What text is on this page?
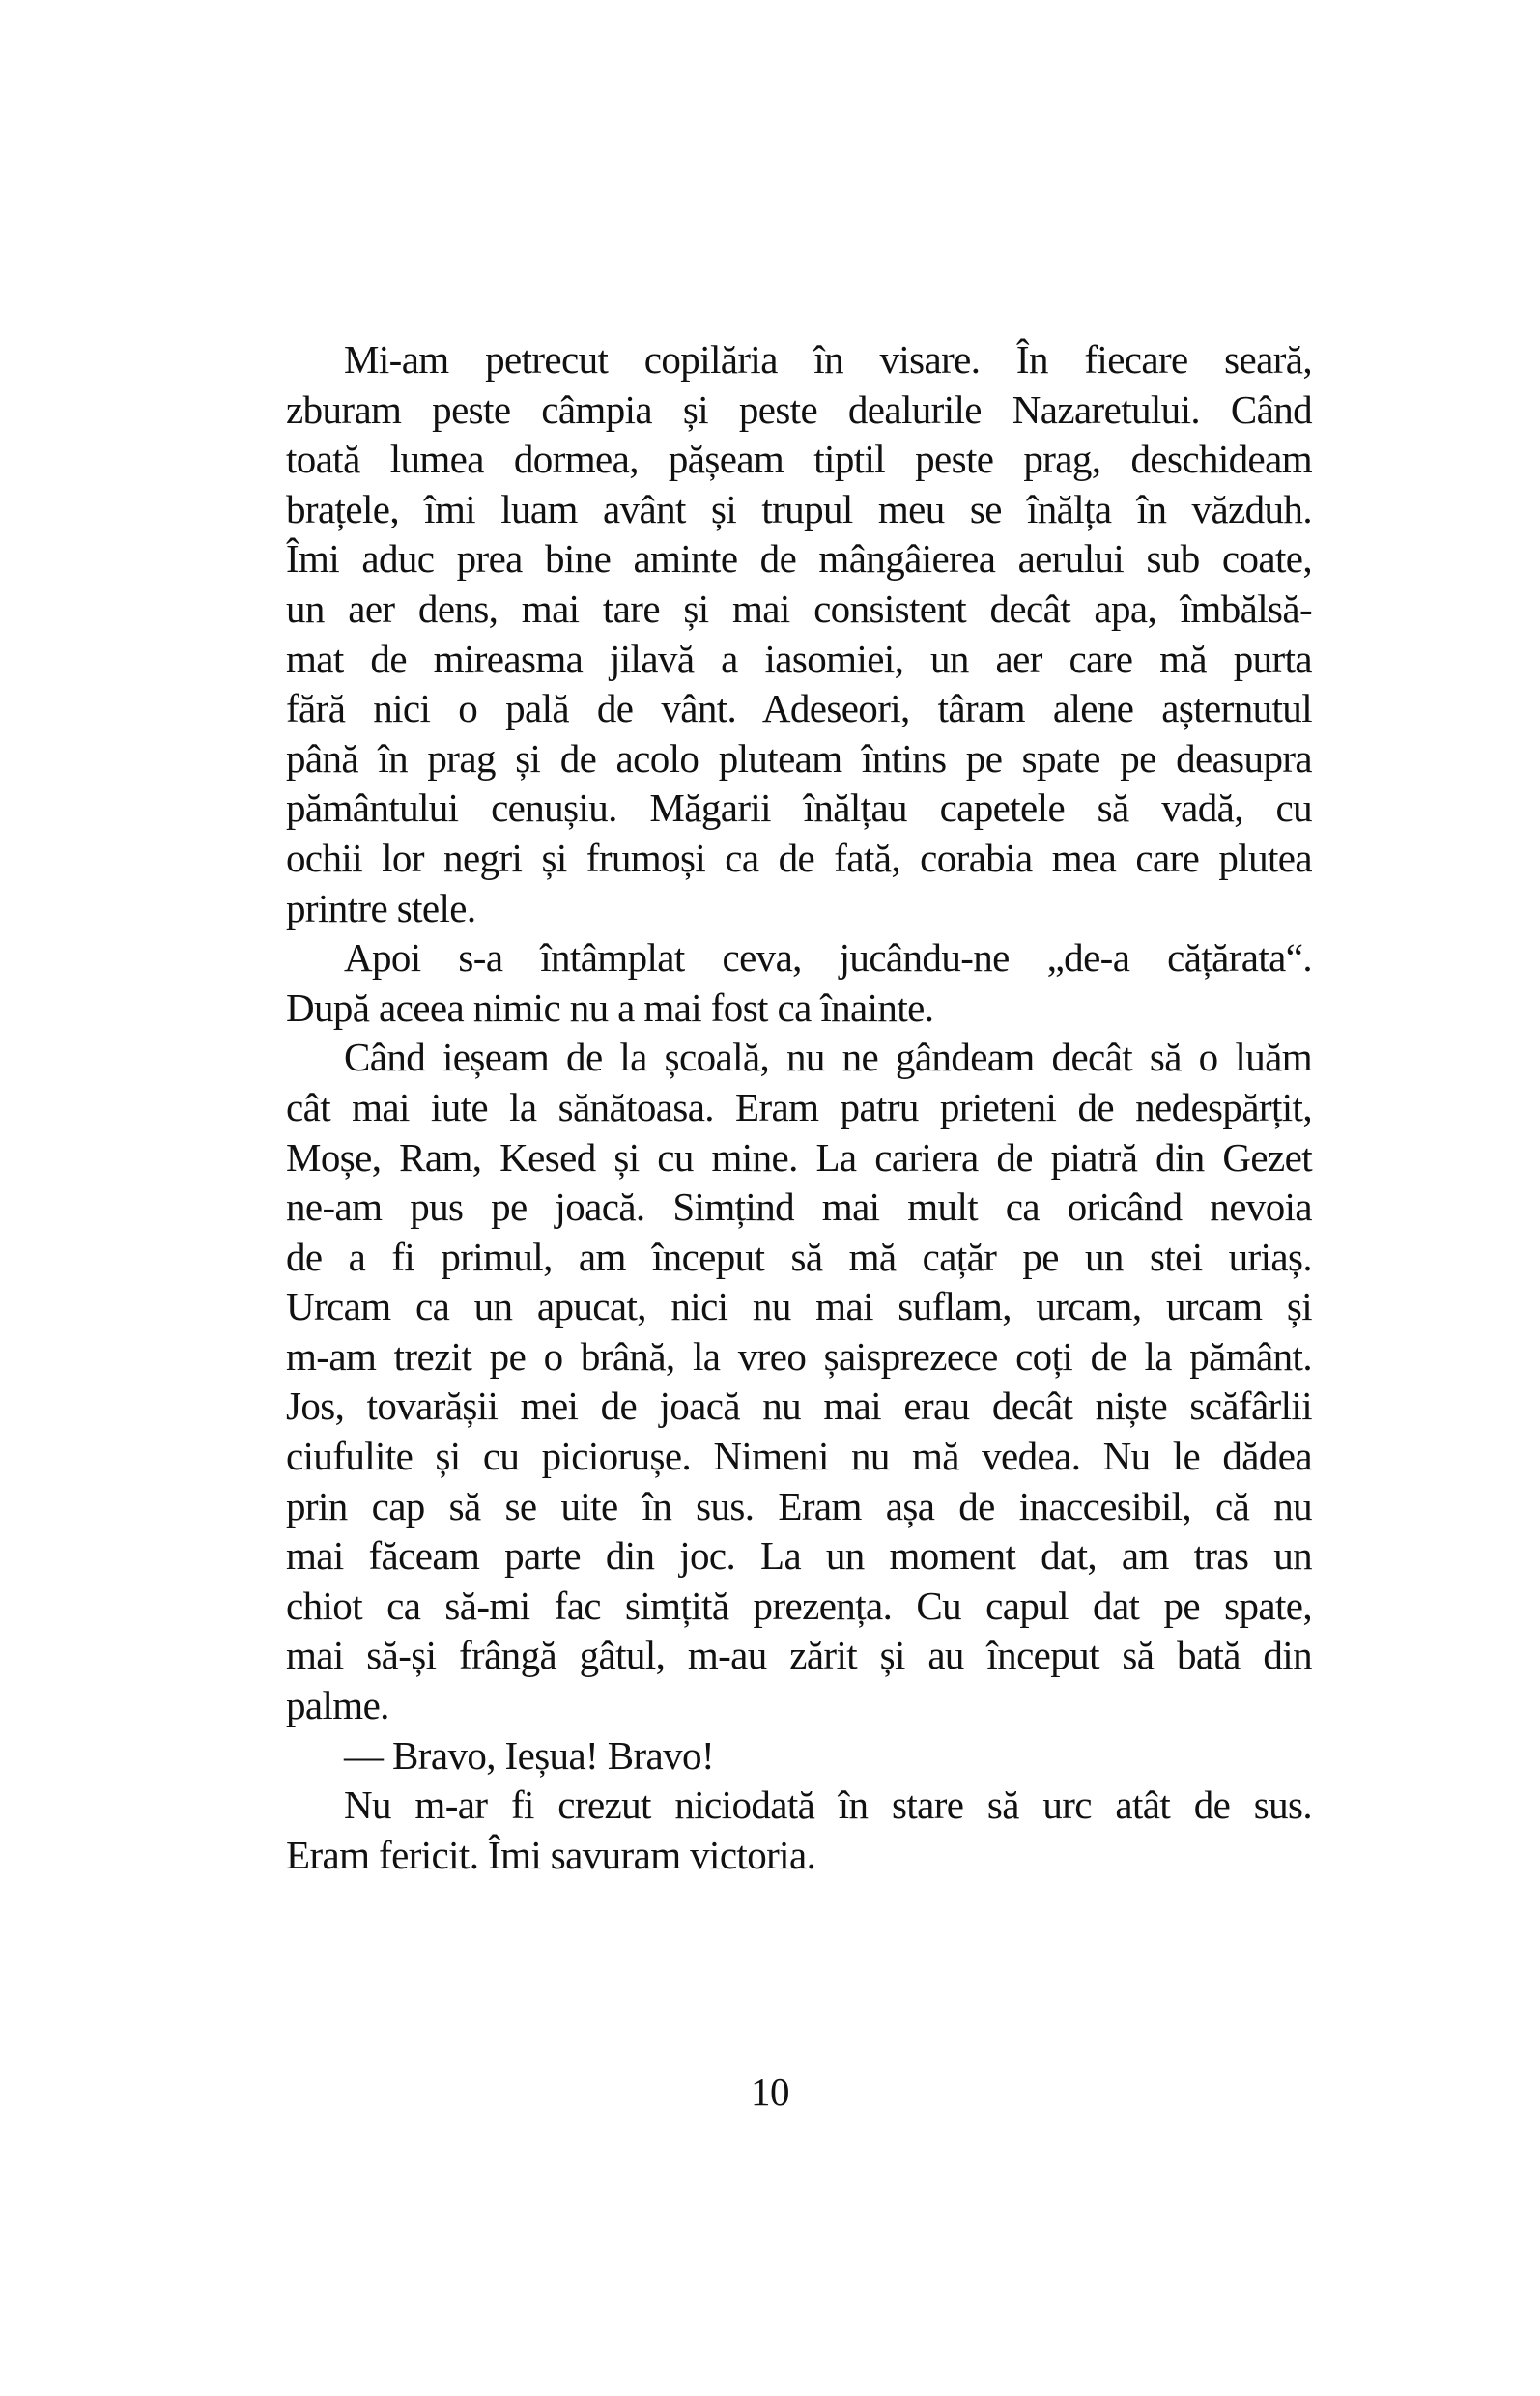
Mi-am petrecut copilăria în visare. În fiecare seară,
zburam peste câmpia și peste dealurile Nazaretului. Când
toată lumea dormea, pășeam tiptil peste prag, deschideam
brațele, îmi luam avânt și trupul meu se înălța în văzduh.
Îmi aduc prea bine aminte de mângâierea aerului sub coate,
un aer dens, mai tare și mai consistent decât apa, îmbălsă-
mat de mireasma jilavă a iasomiei, un aer care mă purta
fără nici o pală de vânt. Adeseori, târam alene așternutul
până în prag și de acolo pluteam întins pe spate pe deasupra
pământului cenușiu. Măgarii înălțau capetele să vadă, cu
ochii lor negri și frumoși ca de fată, corabia mea care plutea
printre stele.
Apoi s-a întâmplat ceva, jucându-ne „de-a cățărata“.
După aceea nimic nu a mai fost ca înainte.
Când ieșeam de la școală, nu ne gândeam decât să o luăm
cât mai iute la sănătoasa. Eram patru prieteni de nedespărțit,
Moșe, Ram, Kesed și cu mine. La cariera de piatră din Gezet
ne-am pus pe joacă. Simțind mai mult ca oricând nevoia
de a fi primul, am început să mă cațăr pe un stei uriaș.
Urcam ca un apucat, nici nu mai suflam, urcam, urcam și
m-am trezit pe o brână, la vreo șaisprezece coți de la pământ.
Jos, tovarășii mei de joacă nu mai erau decât niște scăfârlii
ciufulite și cu piciorușe. Nimeni nu mă vedea. Nu le dădea
prin cap să se uite în sus. Eram așa de inaccesibil, că nu
mai făceam parte din joc. La un moment dat, am tras un
chiot ca să-mi fac simțită prezența. Cu capul dat pe spate,
mai să-și frângă gâtul, m-au zărit și au început să bată din
palme.
— Bravo, Ieșua! Bravo!
Nu m-ar fi crezut niciodată în stare să urc atât de sus.
Eram fericit. Îmi savuram victoria.
10
